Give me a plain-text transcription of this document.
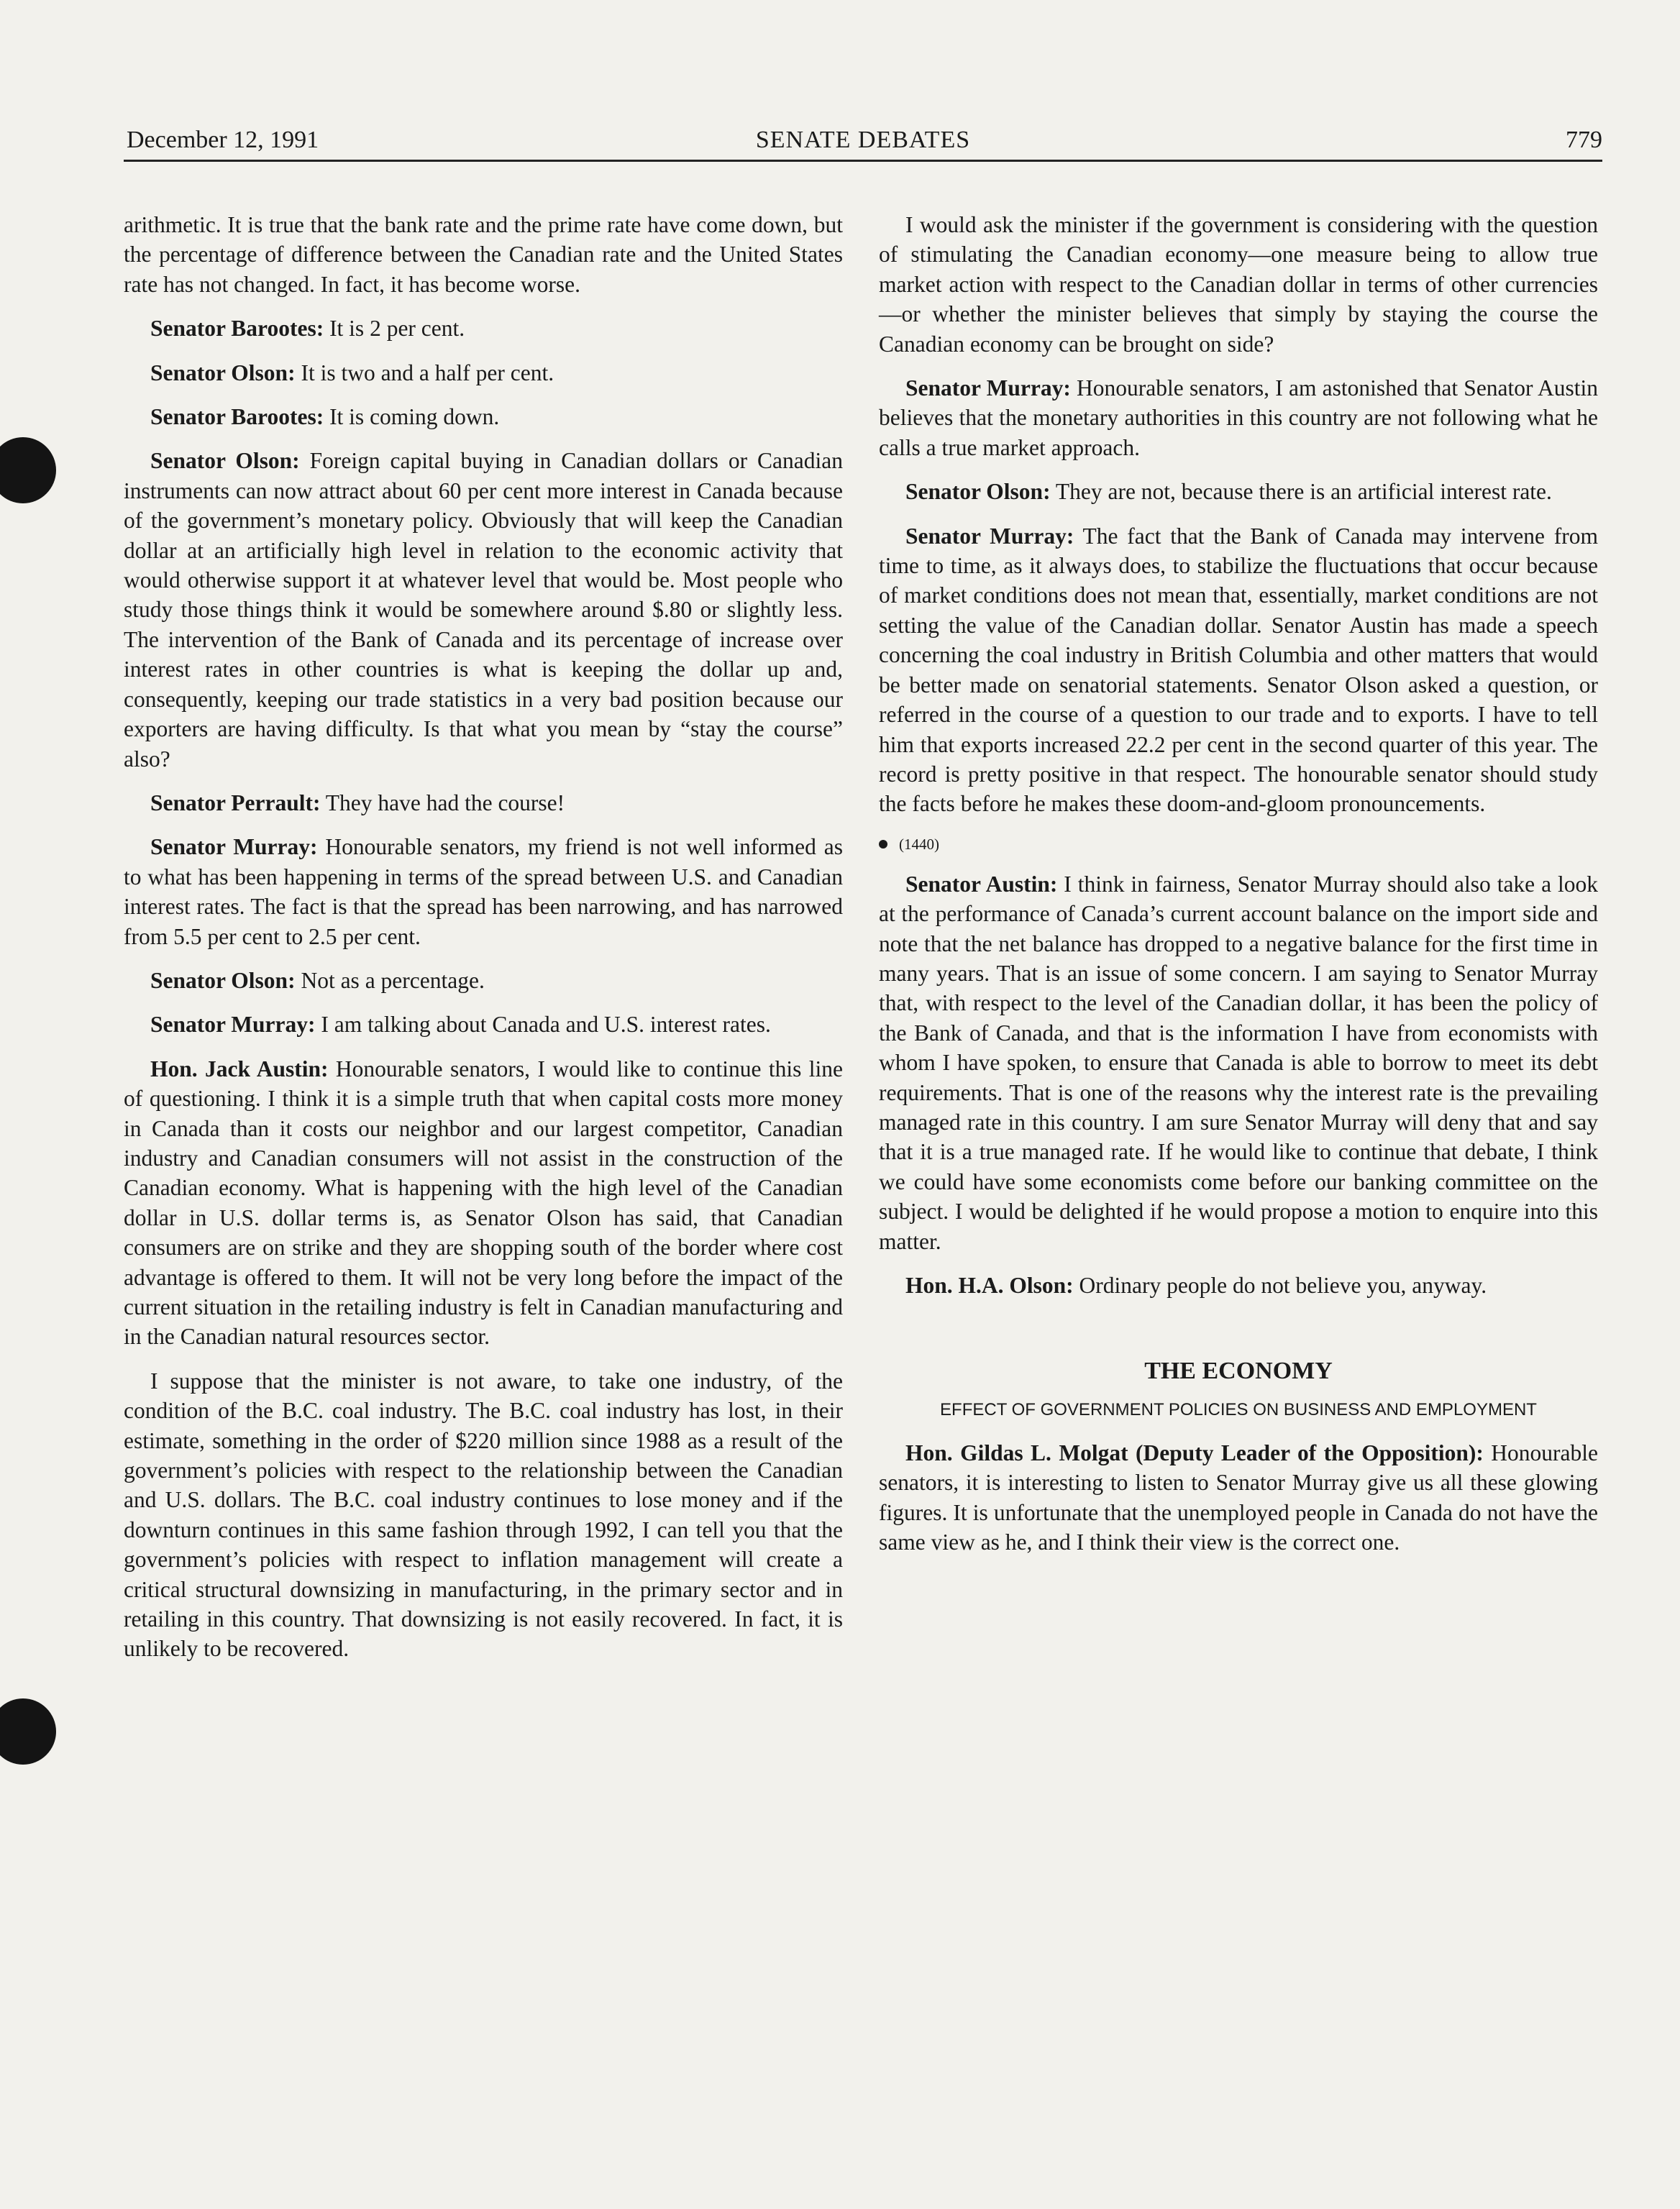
December 12, 1991	SENATE DEBATES	779

arithmetic. It is true that the bank rate and the prime rate have come down, but the percentage of difference between the Canadian rate and the United States rate has not changed. In fact, it has become worse.

Senator Barootes: It is 2 per cent.

Senator Olson: It is two and a half per cent.

Senator Barootes: It is coming down.

Senator Olson: Foreign capital buying in Canadian dollars or Canadian instruments can now attract about 60 per cent more interest in Canada because of the government’s monetary policy. Obviously that will keep the Canadian dollar at an artificially high level in relation to the economic activity that would otherwise support it at whatever level that would be. Most people who study those things think it would be somewhere around $.80 or slightly less. The intervention of the Bank of Canada and its percentage of increase over interest rates in other countries is what is keeping the dollar up and, consequently, keeping our trade statistics in a very bad position because our exporters are having difficulty. Is that what you mean by “stay the course” also?

Senator Perrault: They have had the course!

Senator Murray: Honourable senators, my friend is not well informed as to what has been happening in terms of the spread between U.S. and Canadian interest rates. The fact is that the spread has been narrowing, and has narrowed from 5.5 per cent to 2.5 per cent.

Senator Olson: Not as a percentage.

Senator Murray: I am talking about Canada and U.S. interest rates.

Hon. Jack Austin: Honourable senators, I would like to continue this line of questioning. I think it is a simple truth that when capital costs more money in Canada than it costs our neighbor and our largest competitor, Canadian industry and Canadian consumers will not assist in the construction of the Canadian economy. What is happening with the high level of the Canadian dollar in U.S. dollar terms is, as Senator Olson has said, that Canadian consumers are on strike and they are shopping south of the border where cost advantage is offered to them. It will not be very long before the impact of the current situation in the retailing industry is felt in Canadian manufacturing and in the Canadian natural resources sector.

I suppose that the minister is not aware, to take one industry, of the condition of the B.C. coal industry. The B.C. coal industry has lost, in their estimate, something in the order of $220 million since 1988 as a result of the government’s policies with respect to the relationship between the Canadian and U.S. dollars. The B.C. coal industry continues to lose money and if the downturn continues in this same fashion through 1992, I can tell you that the government’s policies with respect to inflation management will create a critical structural downsizing in manufacturing, in the primary sector and in retailing in this country. That downsizing is not easily recovered. In fact, it is unlikely to be recovered.

I would ask the minister if the government is considering with the question of stimulating the Canadian economy—one measure being to allow true market action with respect to the Canadian dollar in terms of other currencies—or whether the minister believes that simply by staying the course the Canadian economy can be brought on side?

Senator Murray: Honourable senators, I am astonished that Senator Austin believes that the monetary authorities in this country are not following what he calls a true market approach.

Senator Olson: They are not, because there is an artificial interest rate.

Senator Murray: The fact that the Bank of Canada may intervene from time to time, as it always does, to stabilize the fluctuations that occur because of market conditions does not mean that, essentially, market conditions are not setting the value of the Canadian dollar. Senator Austin has made a speech concerning the coal industry in British Columbia and other matters that would be better made on senatorial statements. Senator Olson asked a question, or referred in the course of a question to our trade and to exports. I have to tell him that exports increased 22.2 per cent in the second quarter of this year. The record is pretty positive in that respect. The honourable senator should study the facts before he makes these doom-and-gloom pronouncements.

(1440)

Senator Austin: I think in fairness, Senator Murray should also take a look at the performance of Canada’s current account balance on the import side and note that the net balance has dropped to a negative balance for the first time in many years. That is an issue of some concern. I am saying to Senator Murray that, with respect to the level of the Canadian dollar, it has been the policy of the Bank of Canada, and that is the information I have from economists with whom I have spoken, to ensure that Canada is able to borrow to meet its debt requirements. That is one of the reasons why the interest rate is the prevailing managed rate in this country. I am sure Senator Murray will deny that and say that it is a true managed rate. If he would like to continue that debate, I think we could have some economists come before our banking committee on the subject. I would be delighted if he would propose a motion to enquire into this matter.

Hon. H.A. Olson: Ordinary people do not believe you, anyway.

THE ECONOMY
EFFECT OF GOVERNMENT POLICIES ON BUSINESS AND EMPLOYMENT

Hon. Gildas L. Molgat (Deputy Leader of the Opposition): Honourable senators, it is interesting to listen to Senator Murray give us all these glowing figures. It is unfortunate that the unemployed people in Canada do not have the same view as he, and I think their view is the correct one.
